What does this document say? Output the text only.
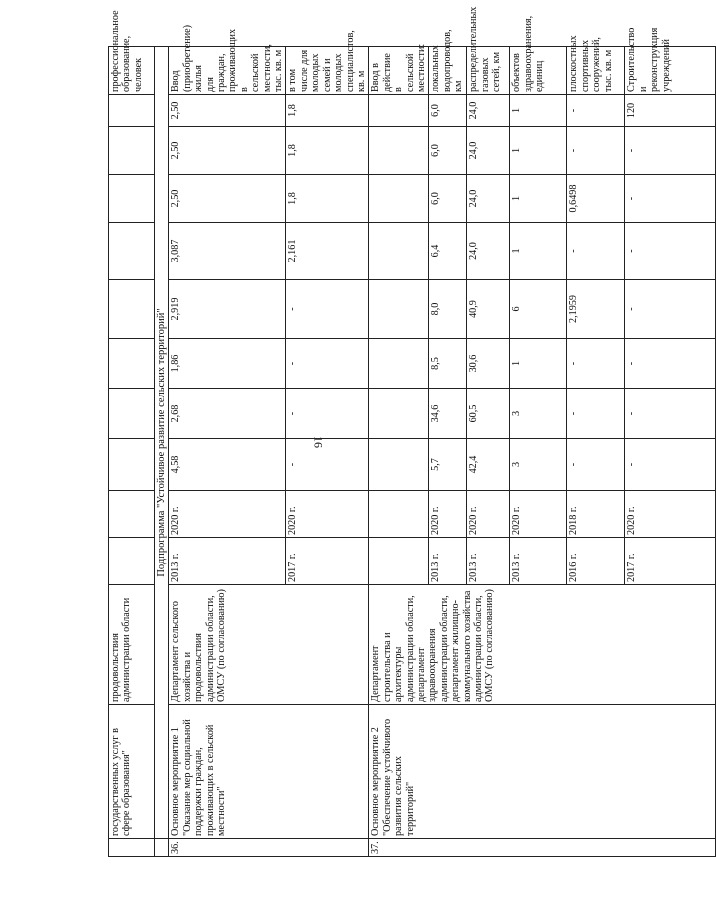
16
	государственных услуг в сфере образования"	продовольствия администрации области											профессиональное образование, человек
	Подпрограмма "Устойчивое развитие сельских территорий"												
36.	Основное мероприятие 1 "Оказание мер социальной поддержки граждан, проживающих в сельской местности"	Департамент сельского хозяйства и продовольствия администрации области, ОМСУ (по согласованию)	2013 г.	2020 г.	4,58	2,68	1,86	2,919	3,087	2,50	2,50	2,50	Ввод (приобретение) жилья для граждан, проживающих в сельской местности, тыс. кв. м
			2017 г.	2020 г.	-	-	-	-	2,161	1,8	1,8	1,8	в том числе для молодых семей и молодых специалистов, кв. м
37.	Основное мероприятие 2 "Обеспечение устойчивого развития сельских территорий"	Департамент строительства и архитектуры администрации области, департамент здравоохранения администрации области, департамент жилищно-коммунального хозяйства администрации области, ОМСУ (по согласованию)											Ввод в действие в сельской местности:
			2013 г.	2020 г.	5,7	34,6	8,5	8,0	6,4	6,0	6,0	6,0	локальных водопроводов, км
			2013 г.	2020 г.	42,4	60,5	30,6	40,9	24,0	24,0	24,0	24,0	распределительных газовых сетей, км
			2013 г.	2020 г.	3	3	1	6	1	1	1	1	объектов здравоохранения, единиц
			2016 г.	2018 г.	-	-	-	2,1959	-	0,6498	-	-	плоскостных спортивных сооружений, тыс. кв. м
			2017 г.	2020 г.	-	-	-	-	-	-	-	120	Строительство и реконструкция учреждений
